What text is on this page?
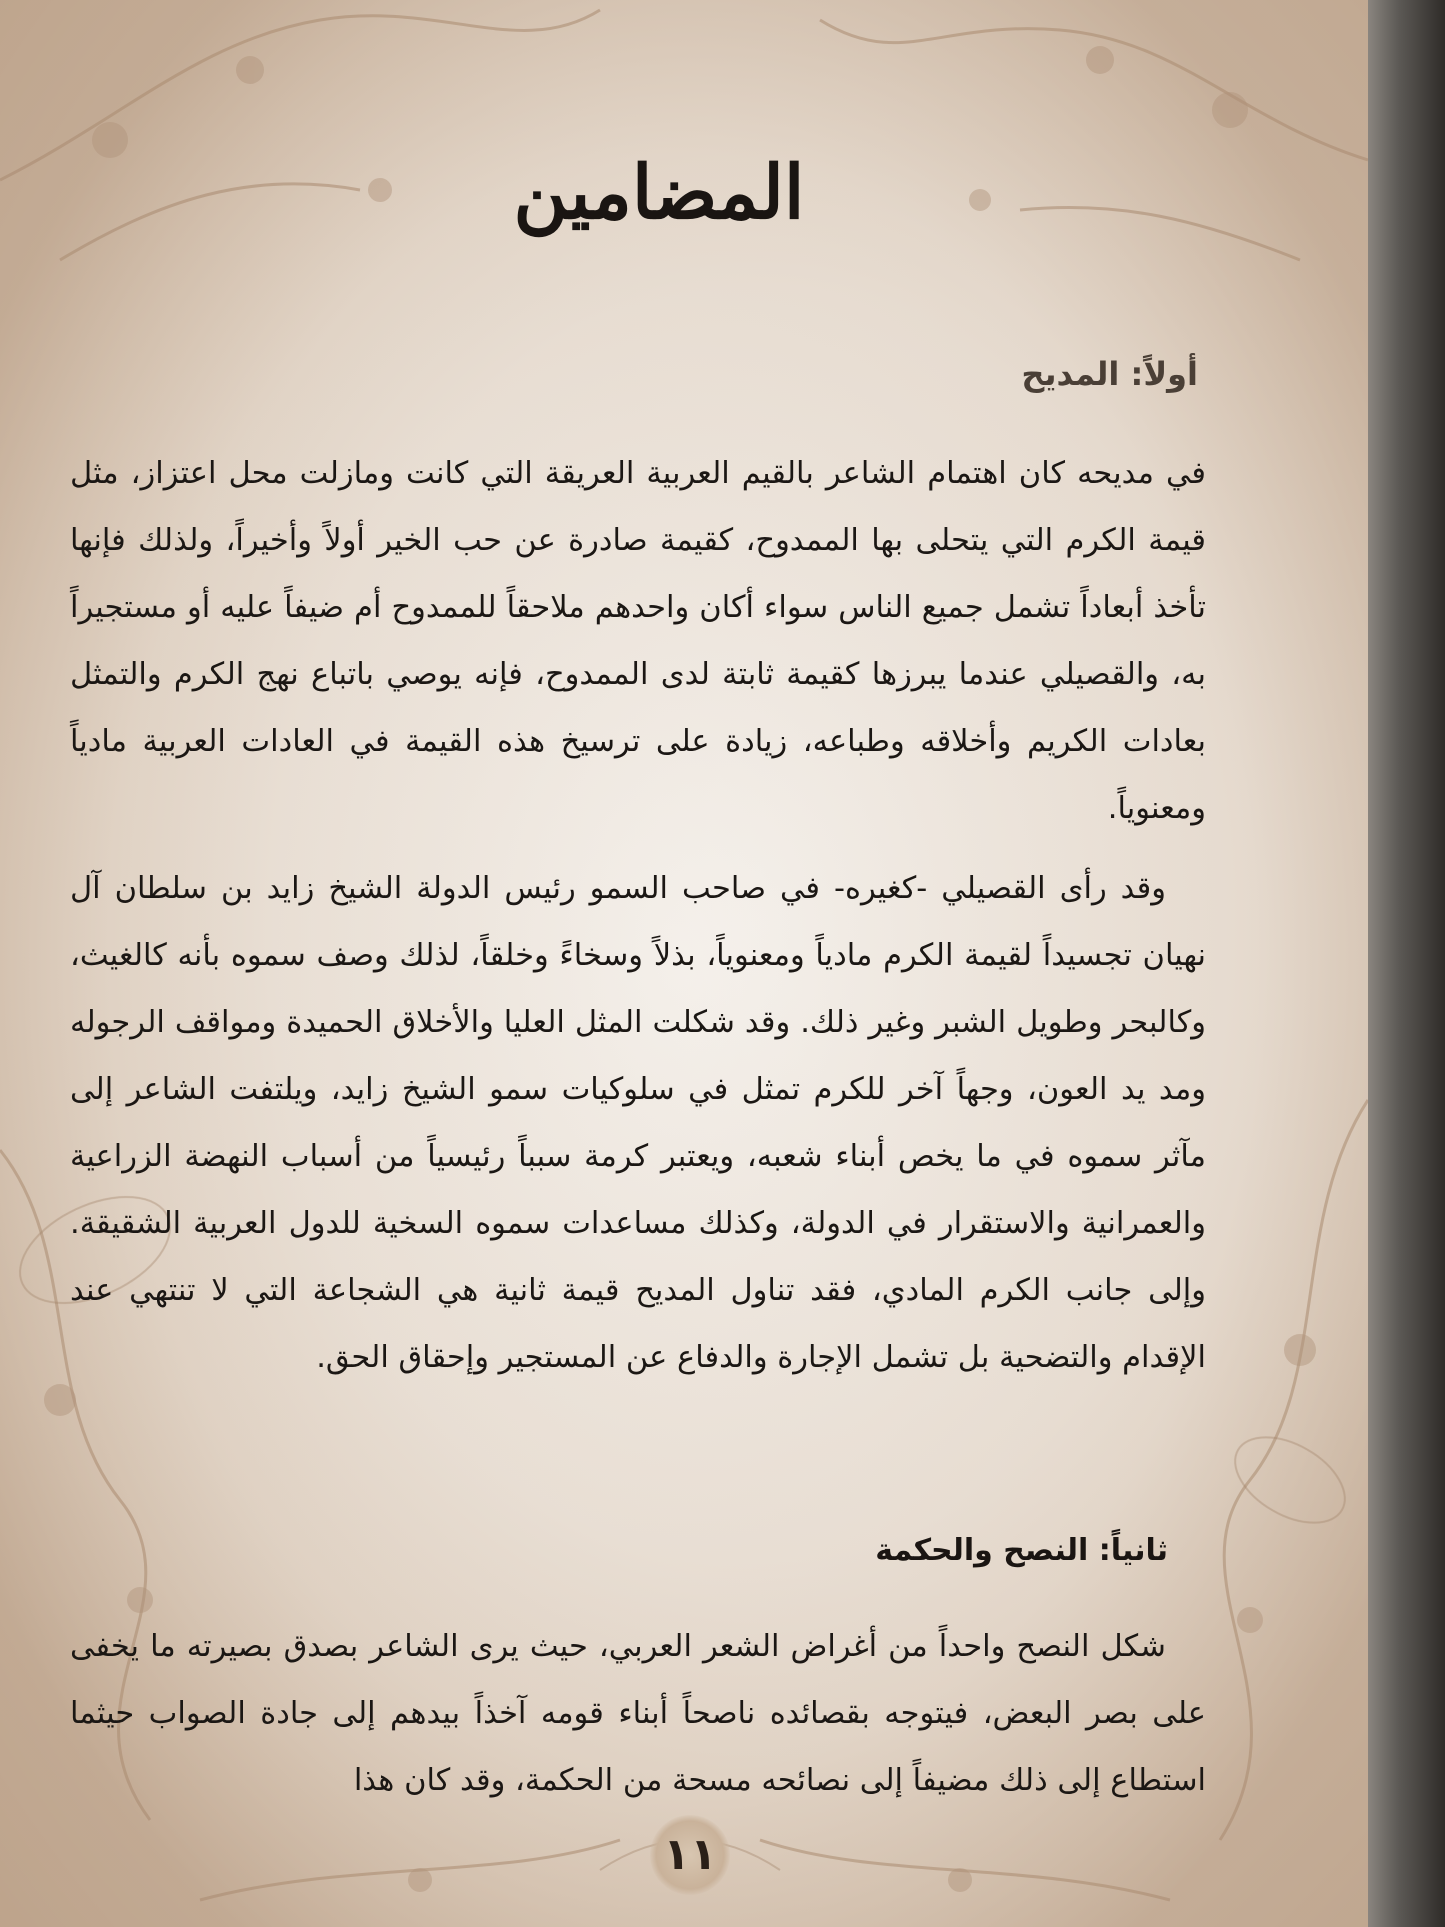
المضامين
أولاً: المديح
في مديحه كان اهتمام الشاعر بالقيم العربية العريقة التي كانت ومازلت محل اعتزاز، مثل قيمة الكرم التي يتحلى بها الممدوح، كقيمة صادرة عن حب الخير أولاً وأخيراً، ولذلك فإنها تأخذ أبعاداً تشمل جميع الناس سواء أكان واحدهم ملاحقاً للممدوح أم ضيفاً عليه أو مستجيراً به، والقصيلي عندما يبرزها كقيمة ثابتة لدى الممدوح، فإنه يوصي باتباع نهج الكرم والتمثل بعادات الكريم وأخلاقه وطباعه، زيادة على ترسيخ هذه القيمة في العادات العربية مادياً ومعنوياً.
وقد رأى القصيلي -كغيره- في صاحب السمو رئيس الدولة الشيخ زايد بن سلطان آل نهيان تجسيداً لقيمة الكرم مادياً ومعنوياً، بذلاً وسخاءً وخلقاً، لذلك وصف سموه بأنه كالغيث، وكالبحر وطويل الشبر وغير ذلك. وقد شكلت المثل العليا والأخلاق الحميدة ومواقف الرجوله ومد يد العون، وجهاً آخر للكرم تمثل في سلوكيات سمو الشيخ زايد، ويلتفت الشاعر إلى مآثر سموه في ما يخص أبناء شعبه، ويعتبر كرمة سبباً رئيسياً من أسباب النهضة الزراعية والعمرانية والاستقرار في الدولة، وكذلك مساعدات سموه السخية للدول العربية الشقيقة. وإلى جانب الكرم المادي، فقد تناول المديح قيمة ثانية هي الشجاعة التي لا تنتهي عند الإقدام والتضحية بل تشمل الإجارة والدفاع عن المستجير وإحقاق الحق.
ثانياً: النصح والحكمة
شكل النصح واحداً من أغراض الشعر العربي، حيث يرى الشاعر بصدق بصيرته ما يخفى على بصر البعض، فيتوجه بقصائده ناصحاً أبناء قومه آخذاً بيدهم إلى جادة الصواب حيثما استطاع إلى ذلك مضيفاً إلى نصائحه مسحة من الحكمة، وقد كان هذا
١١
